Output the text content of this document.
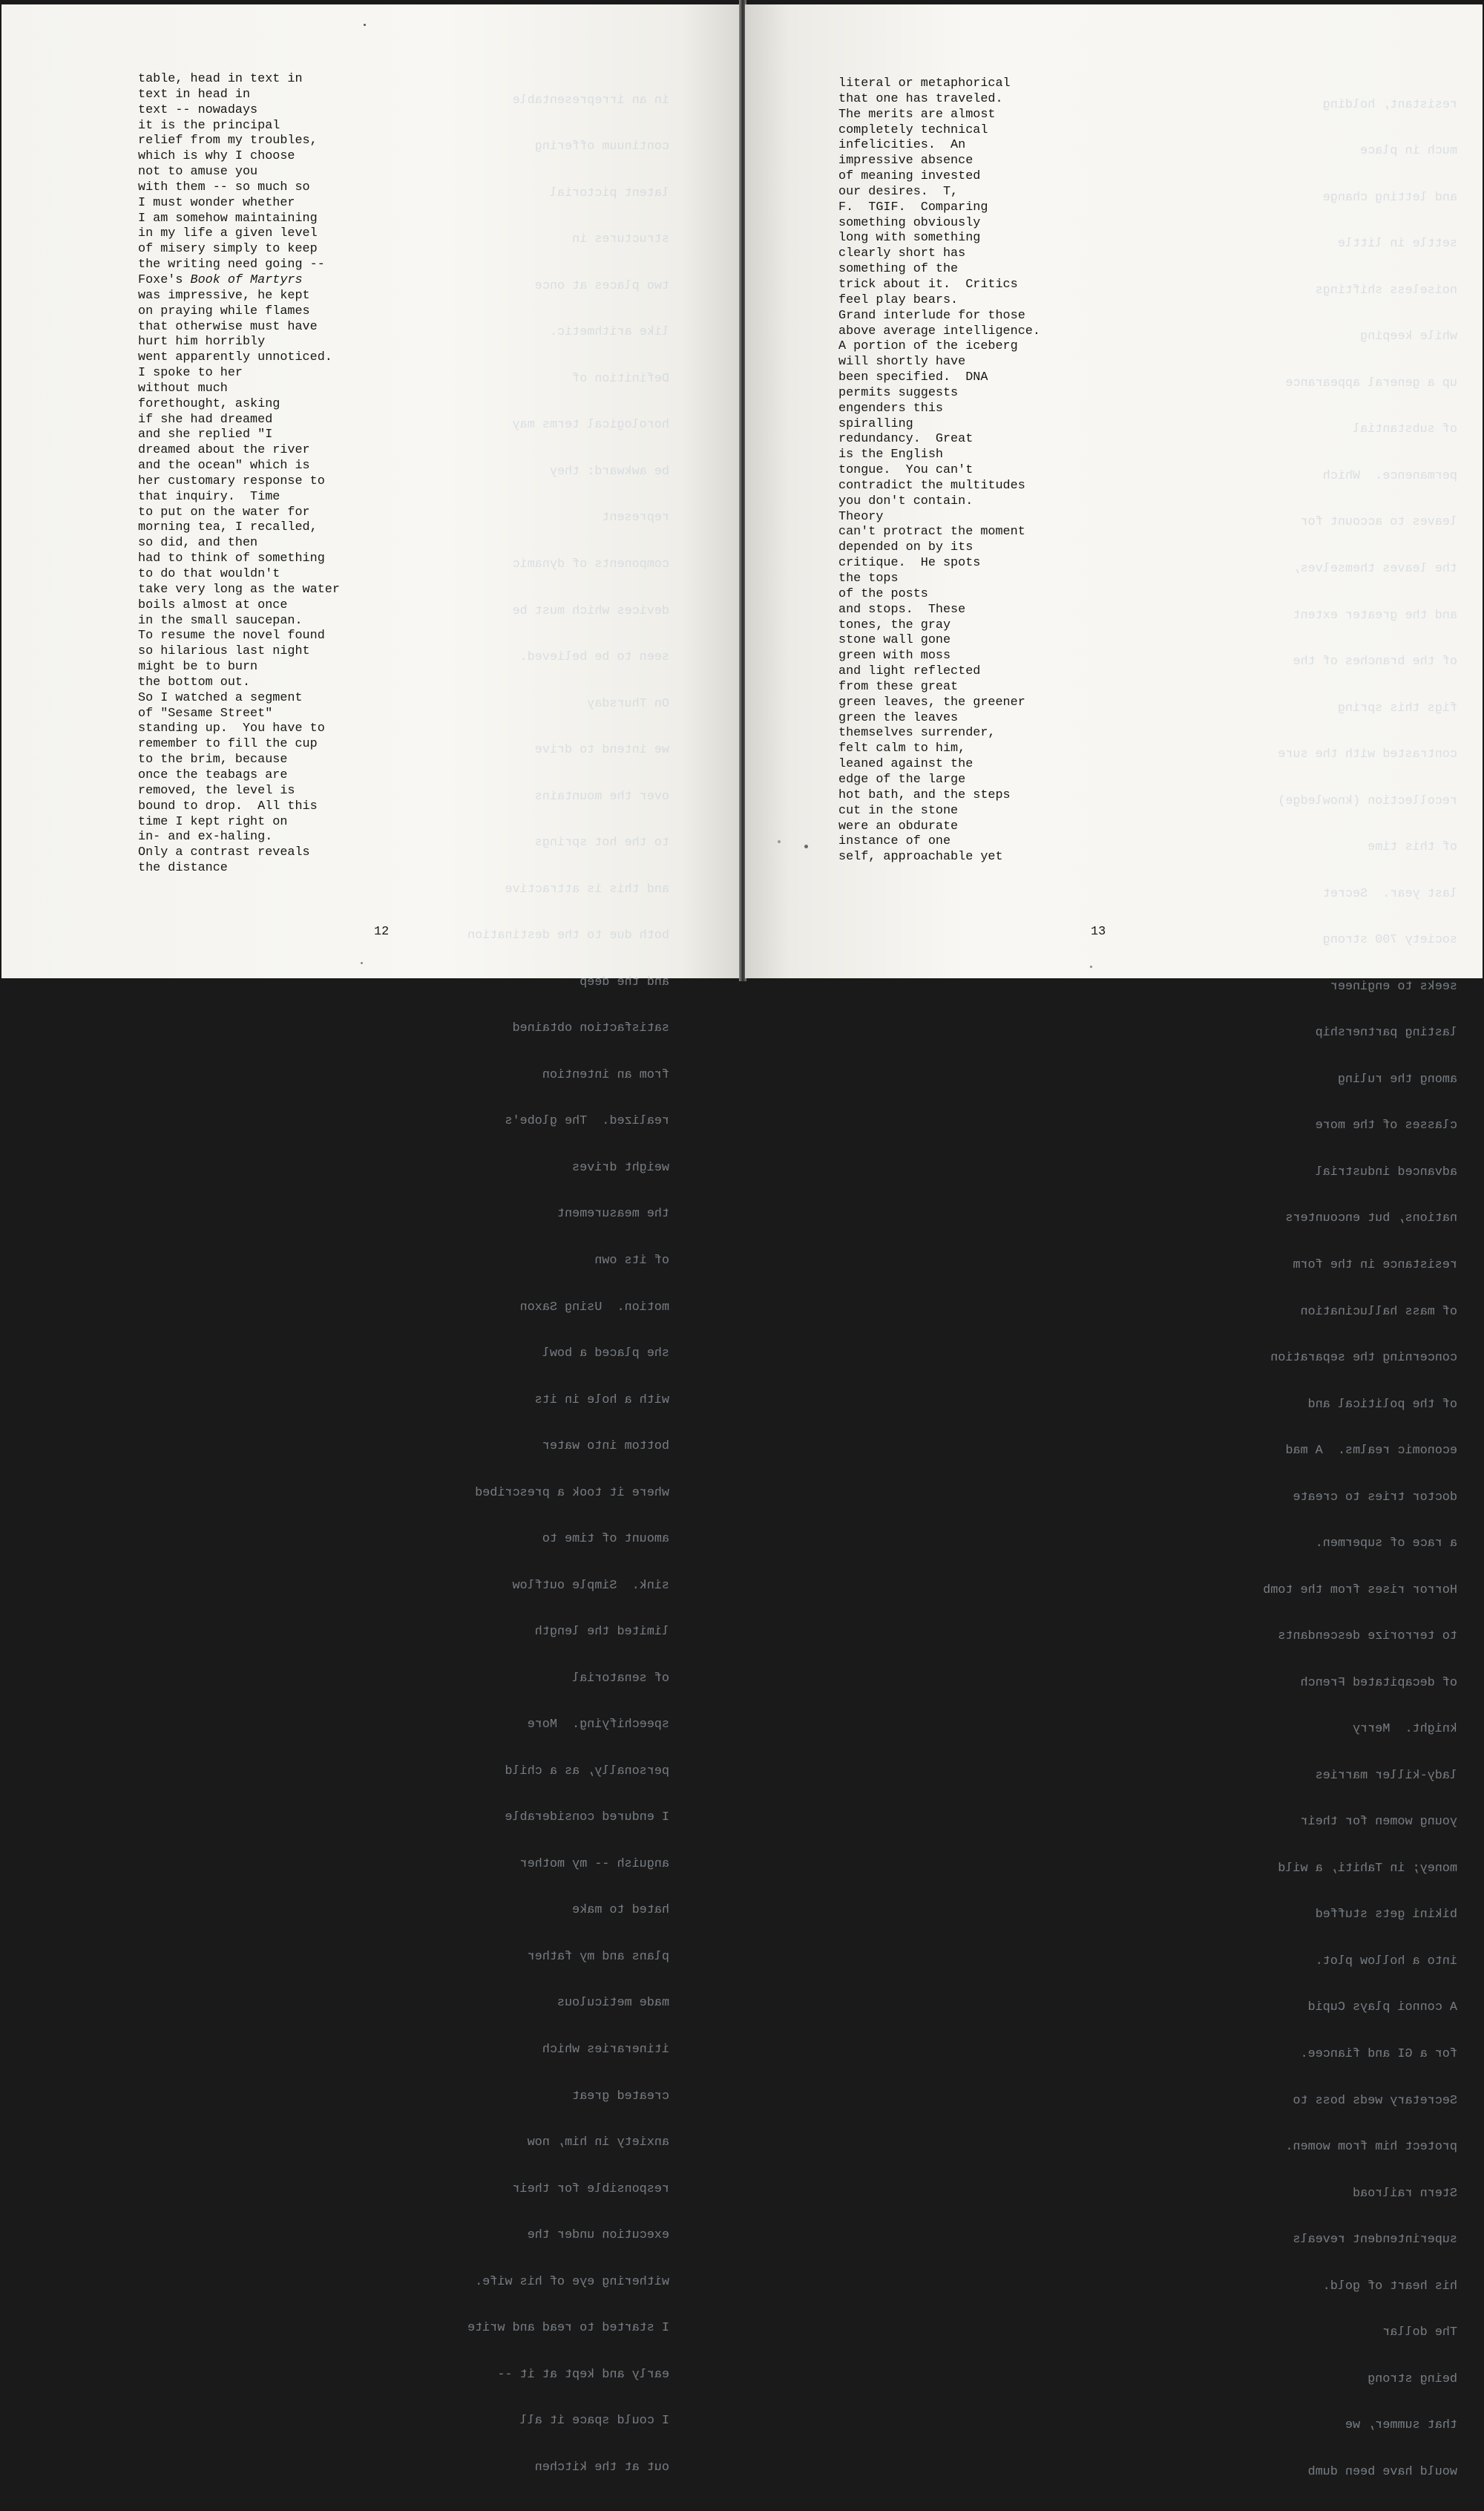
in an irrepresentable

continuum offering

latent pictorial

structures in

two places at once

like arithmetic.

Definition of

horological terms may

be awkward: they

represent

components of dynamic

devices which must be

seen to be believed.

On Thursday

we intend to drive

over the mountains

to the hot springs

and this is attractive

both due to the destination

and the deep

satisfaction obtained

from an intention

realized.  The globe's

weight drives

the measurement

of its own

motion.  Using Saxon

she placed a bowl

with a hole in its

bottom into water

where it took a prescribed

amount of time to

sink.  Simple outflow

limited the length

of senatorial

speechifying.  More

personally, as a child

I endured considerable

anguish -- my mother

hated to make

plans and my father

made meticulous

itineraries which

created great

anxiety in him, now

responsible for their

execution under the

withering eye of his wife.

I started to read and write

early and kept at it --

I could space it all

out at the kitchen

table, head in text in
text in head in
text -- nowadays
it is the principal
relief from my troubles,
which is why I choose
not to amuse you
with them -- so much so
I must wonder whether
I am somehow maintaining
in my life a given level
of misery simply to keep
the writing need going --
Foxe's Book of Martyrs
was impressive, he kept
on praying while flames
that otherwise must have
hurt him horribly
went apparently unnoticed.
I spoke to her
without much
forethought, asking
if she had dreamed
and she replied "I
dreamed about the river
and the ocean" which is
her customary response to
that inquiry.  Time
to put on the water for
morning tea, I recalled,
so did, and then
had to think of something
to do that wouldn't
take very long as the water
boils almost at once
in the small saucepan.
To resume the novel found
so hilarious last night
might be to burn
the bottom out.
So I watched a segment
of "Sesame Street"
standing up.  You have to
remember to fill the cup
to the brim, because
once the teabags are
removed, the level is
bound to drop.  All this
time I kept right on
in- and ex-haling.
Only a contrast reveals
the distance
12

resistant, holding

much in place

and letting change

settle in little

noiseless shiftings

while keeping

up a general appearance

of substantial

permanence.  Which

leaves to account for

the leaves themselves,

and the greater extent

of the branches of the

figs this spring

contrasted with the sure

recollection (knowledge)

of this time

last year.  Secret

society 700 strong

seeks to engineer

lasting partnership

among the ruling

classes of the more

advanced industrial

nations, but encounters

resistance in the form

of mass hallucination

concerning the separation

of the political and

economic realms.  A mad

doctor tries to create

a race of supermen.

Horror rises from the tomb

to terrorize descendants

of decapitated French

knight.  Merry

lady-killer marries

young women for their

money; in Tahiti, a wild

bikini gets stuffed

into a hollow plot.

A connoi plays Cupid

for a GI and fiancee.

Secretary weds boss to

protect him from women.

Stern railroad

superintendent reveals

his heart of gold.

The dollar

being strong

that summer, we

would have been dumb

literal or metaphorical
that one has traveled.
The merits are almost
completely technical
infelicities.  An
impressive absence
of meaning invested
our desires.  T,
F.  TGIF.  Comparing
something obviously
long with something
clearly short has
something of the
trick about it.  Critics
feel play bears.
Grand interlude for those
above average intelligence.
A portion of the iceberg
will shortly have
been specified.  DNA
permits suggests
engenders this
spiralling
redundancy.  Great
is the English
tongue.  You can't
contradict the multitudes
you don't contain.
Theory
can't protract the moment
depended on by its
critique.  He spots
the tops
of the posts
and stops.  These
tones, the gray
stone wall gone
green with moss
and light reflected
from these great
green leaves, the greener
green the leaves
themselves surrender,
felt calm to him,
leaned against the
edge of the large
hot bath, and the steps
cut in the stone
were an obdurate
instance of one
self, approachable yet
13
